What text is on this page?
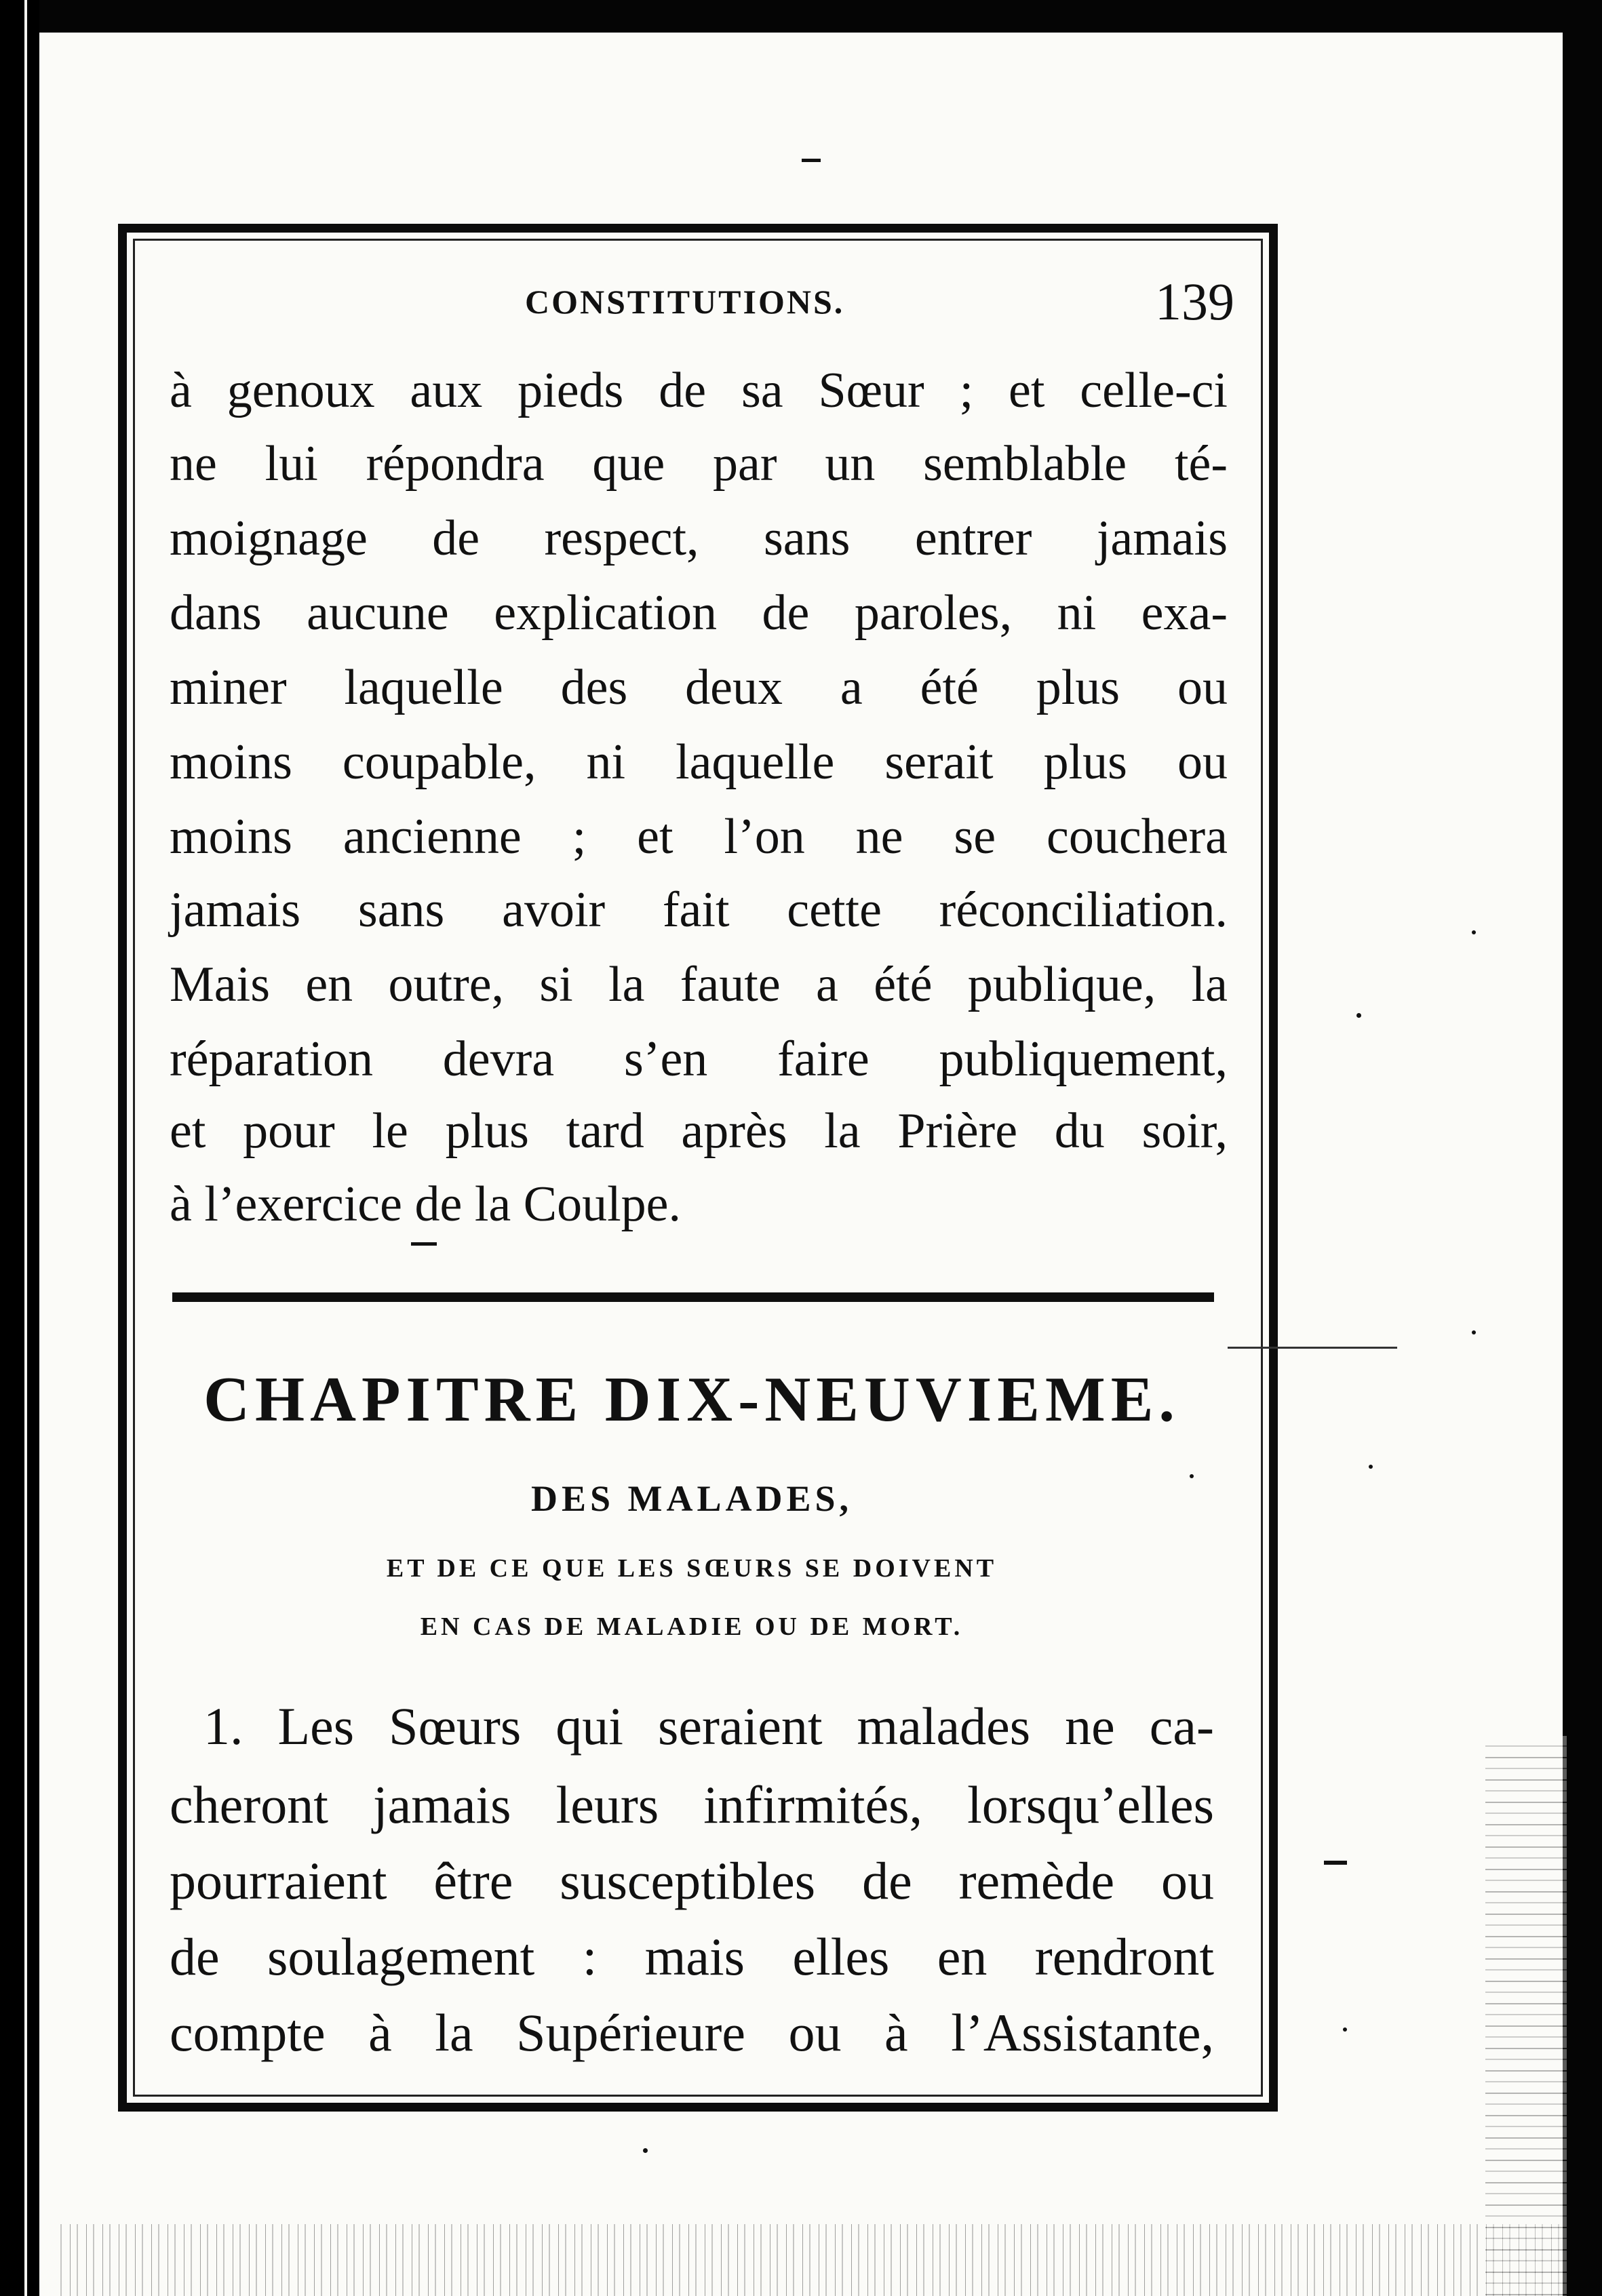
CONSTITUTIONS.	139
à genoux aux pieds de sa Sœur ; et celle-ci
ne lui répondra que par un semblable té-
moignage de respect, sans entrer jamais
dans aucune explication de paroles, ni exa-
miner laquelle des deux a été plus ou
moins coupable, ni laquelle serait plus ou
moins ancienne ; et l’on ne se couchera
jamais sans avoir fait cette réconciliation.
Mais en outre, si la faute a été publique, la
réparation devra s’en faire publiquement,
et pour le plus tard après la Prière du soir,
à l’exercice de la Coulpe.
CHAPITRE DIX-NEUVIEME.
DES MALADES,
ET DE CE QUE LES SŒURS SE DOIVENT
EN CAS DE MALADIE OU DE MORT.
1. Les Sœurs qui seraient malades ne ca-
cheront jamais leurs infirmités, lorsqu’elles
pourraient être susceptibles de remède ou
de soulagement : mais elles en rendront
compte à la Supérieure ou à l’Assistante,
